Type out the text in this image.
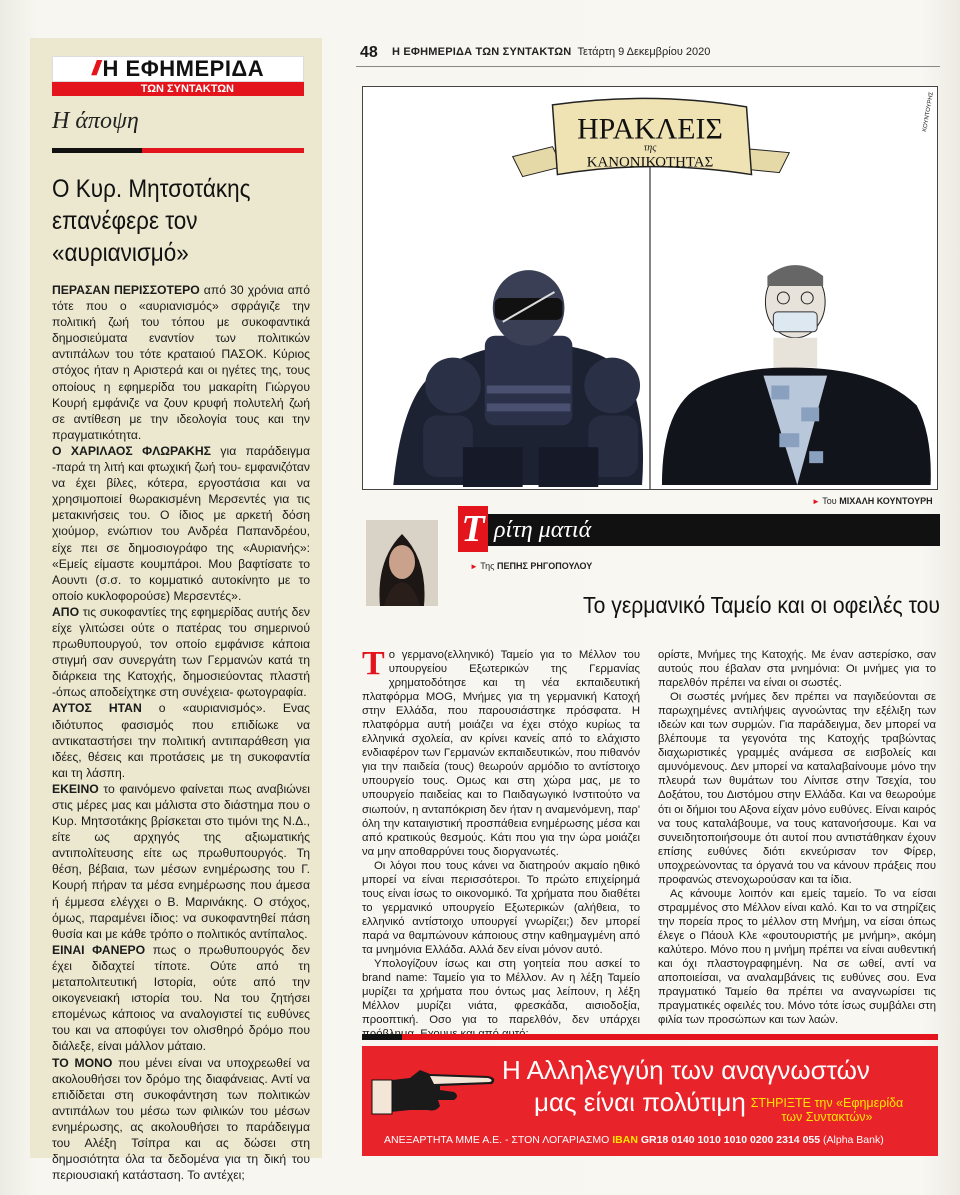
/// Η ΕΦΗΜΕΡΙΔΑ
ΤΩΝ ΣΥΝΤΑΚΤΩΝ
Η άποψη
Ο Κυρ. Μητσοτάκης επανέφερε τον «αυριανισμό»

ΠΕΡΑΣΑΝ ΠΕΡΙΣΣΟΤΕΡΟ από 30 χρόνια από τότε που ο «αυριανισμός» σφράγιζε την πολιτική ζωή του τόπου με συκοφαντικά δημοσιεύματα εναντίον των πολιτικών αντιπάλων του τότε κραταιού ΠΑΣΟΚ. Κύριος στόχος ήταν η Αριστερά και οι ηγέτες της, τους οποίους η εφημερίδα του μακαρίτη Γιώργου Κουρή εμφάνιζε να ζουν κρυφή πολυτελή ζωή σε αντίθεση με την ιδεολογία τους και την πραγματικότητα.

Ο ΧΑΡΙΛΑΟΣ ΦΛΩΡΑΚΗΣ για παράδειγμα -παρά τη λιτή και φτωχική ζωή του- εμφανιζόταν να έχει βίλες, κότερα, εργοστάσια και να χρησιμοποιεί θωρακισμένη Μερσεντές για τις μετακινήσεις του. Ο ίδιος με αρκετή δόση χιούμορ, ενώπιον του Ανδρέα Παπανδρέου, είχε πει σε δημοσιογράφο της «Αυριανής»: «Εμείς είμαστε κουμπάροι. Μου βαφτίσατε το Αουντι (σ.σ. το κομματικό αυτοκίνητο με το οποίο κυκλοφορούσε) Μερσεντές».

ΑΠΟ τις συκοφαντίες της εφημερίδας αυτής δεν είχε γλιτώσει ούτε ο πατέρας του σημερινού πρωθυπουργού, τον οποίο εμφάνισε κάποια στιγμή σαν συνεργάτη των Γερμανών κατά τη διάρκεια της Κατοχής, δημοσιεύοντας πλαστή -όπως αποδείχτηκε στη συνέχεια- φωτογραφία.

ΑΥΤΟΣ ΗΤΑΝ ο «αυριανισμός». Ενας ιδιότυπος φασισμός που επιδίωκε να αντικαταστήσει την πολιτική αντιπαράθεση για ιδέες, θέσεις και προτάσεις με τη συκοφαντία και τη λάσπη.

ΕΚΕΙΝΟ το φαινόμενο φαίνεται πως αναβιώνει στις μέρες μας και μάλιστα στο διάστημα που ο Κυρ. Μητσοτάκης βρίσκεται στο τιμόνι της Ν.Δ., είτε ως αρχηγός της αξιωματικής αντιπολίτευσης είτε ως πρωθυπουργός. Τη θέση, βέβαια, των μέσων ενημέρωσης του Γ. Κουρή πήραν τα μέσα ενημέρωσης που άμεσα ή έμμεσα ελέγχει ο Β. Μαρινάκης. Ο στόχος, όμως, παραμένει ίδιος: να συκοφαντηθεί πάση θυσία και με κάθε τρόπο ο πολιτικός αντίπαλος.

ΕΙΝΑΙ ΦΑΝΕΡΟ πως ο πρωθυπουργός δεν έχει διδαχτεί τίποτε. Ούτε από τη μεταπολιτευτική Ιστορία, ούτε από την οικογενειακή ιστορία του. Να του ζητήσει επομένως κάποιος να αναλογιστεί τις ευθύνες του και να αποφύγει τον ολισθηρό δρόμο που διάλεξε, είναι μάλλον μάταιο.

ΤΟ ΜΟΝΟ που μένει είναι να υποχρεωθεί να ακολουθήσει τον δρόμο της διαφάνειας. Αντί να επιδίδεται στη συκοφάντηση των πολιτικών αντιπάλων του μέσω των φιλικών του μέσων ενημέρωσης, ας ακολουθήσει το παράδειγμα του Αλέξη Τσίπρα και ας δώσει στη δημοσιότητα όλα τα δεδομένα για τη δική του περιουσιακή κατάσταση. Το αντέχει;

48 Η ΕΦΗΜΕΡΙΔΑ ΤΩΝ ΣΥΝΤΑΚΤΩΝ Τετάρτη 9 Δεκεμβρίου 2020
ΗΡΑΚΛΕΙΣ
της
ΚΑΝΟΝΙΚΟΤΗΤΑΣ
ΚΟΥΝΤΟΥΡΗΣ
► Του ΜΙΧΑΛΗ ΚΟΥΝΤΟΥΡΗ
Τ ρίτη ματιά
► Της ΠΕΠΗΣ ΡΗΓΟΠΟΥΛΟΥ
Το γερμανικό Ταμείο και οι οφειλές του

Το γερμανο(ελληνικό) Ταμείο για το Μέλλον του υπουργείου Εξωτερικών της Γερμανίας χρηματοδότησε και τη νέα εκπαιδευτική πλατφόρμα MOG, Μνήμες για τη γερμανική Κατοχή στην Ελλάδα, που παρουσιάστηκε πρόσφατα. Η πλατφόρμα αυτή μοιάζει να έχει στόχο κυρίως τα ελληνικά σχολεία, αν κρίνει κανείς από το ελάχιστο ενδιαφέρον των Γερμανών εκπαιδευτικών, που πιθανόν για την παιδεία (τους) θεωρούν αρμόδιο το αντίστοιχο υπουργείο τους. Ομως και στη χώρα μας, με το υπουργείο παιδείας και το Παιδαγωγικό Ινστιτούτο να σιωπούν, η ανταπόκριση δεν ήταν η αναμενόμενη, παρ' όλη την καταιγιστική προσπάθεια ενημέρωσης μέσα και από κρατικούς θεσμούς. Κάτι που για την ώρα μοιάζει να μην αποθαρρύνει τους διοργανωτές.

Οι λόγοι που τους κάνει να διατηρούν ακμαίο ηθικό μπορεί να είναι περισσότεροι. Το πρώτο επιχείρημά τους είναι ίσως το οικονομικό. Τα χρήματα που διαθέτει το γερμανικό υπουργείο Εξωτερικών (αλήθεια, το ελληνικό αντίστοιχο υπουργεί γνωρίζει;) δεν μπορεί παρά να θαμπώνουν κάποιους στην καθημαγμένη από τα μνημόνια Ελλάδα. Αλλά δεν είναι μόνον αυτό.

Υπολογίζουν ίσως και στη γοητεία που ασκεί το brand name: Ταμείο για το Μέλλον. Αν η λέξη Ταμείο μυρίζει τα χρήματα που όντως μας λείπουν, η λέξη Μέλλον μυρίζει νιάτα, φρεσκάδα, αισιοδοξία, προοπτική. Οσο για το παρελθόν, δεν υπάρχει

ορίστε, Μνήμες της Κατοχής. Με έναν αστερίσκο, σαν αυτούς που έβαλαν στα μνημόνια: Οι μνήμες για το παρελθόν πρέπει να είναι οι σωστές.

Οι σωστές μνήμες δεν πρέπει να παγιδεύονται σε παρωχημένες αντιλήψεις αγνοώντας την εξέλιξη των ιδεών και των συρμών. Για παράδειγμα, δεν μπορεί να βλέπουμε τα γεγονότα της Κατοχής τραβώντας διαχωριστικές γραμμές ανάμεσα σε εισβολείς και αμυνόμενους. Δεν μπορεί να καταλαβαίνουμε μόνο την πλευρά των θυμάτων του Λίνιτσε στην Τσεχία, του Δοξάτου, του Διστόμου στην Ελλάδα. Και να θεωρούμε ότι οι δήμιοι του Αξονα είχαν μόνο ευθύνες. Είναι καιρός να τους καταλάβουμε, να τους κατανοήσουμε. Και να συνειδητοποιήσουμε ότι αυτοί που αντιστάθηκαν έχουν επίσης ευθύνες διότι εκνεύρισαν τον Φίρερ, υποχρεώνοντας τα όργανά του να κάνουν πράξεις που προφανώς στενοχωρούσαν και τα ίδια.

Ας κάνουμε λοιπόν και εμείς ταμείο. Το να είσαι στραμμένος στο Μέλλον είναι καλό. Και το να στηρίζεις την πορεία προς το μέλλον στη Μνήμη, να είσαι όπως έλεγε ο Πάουλ Κλε «φουτουριστής με μνήμη», ακόμη καλύτερο. Μόνο που η μνήμη πρέπει να είναι αυθεντική και όχι πλαστογραφημένη. Να σε ωθεί, αντί να αποποιείσαι, να αναλαμβάνεις τις ευθύνες σου. Ενα πραγματικό Ταμείο θα πρέπει να αναγνωρίσει τις πραγματικές οφειλές του. Μόνο τότε ίσως συμβάλει στη φιλία των προσώπων και των λαών.

Η Αλληλεγγύη των αναγνωστών
μας είναι πολύτιμη ΣΤΗΡΙΞΤΕ την «Εφημερίδα
των Συντακτών»
ΑΝΕΞΑΡΤΗΤΑ ΜΜΕ Α.Ε. - ΣΤΟΝ ΛΟΓΑΡΙΑΣΜΟ IBAN GR18 0140 1010 1010 0200 2314 055 (Alpha Bank)
